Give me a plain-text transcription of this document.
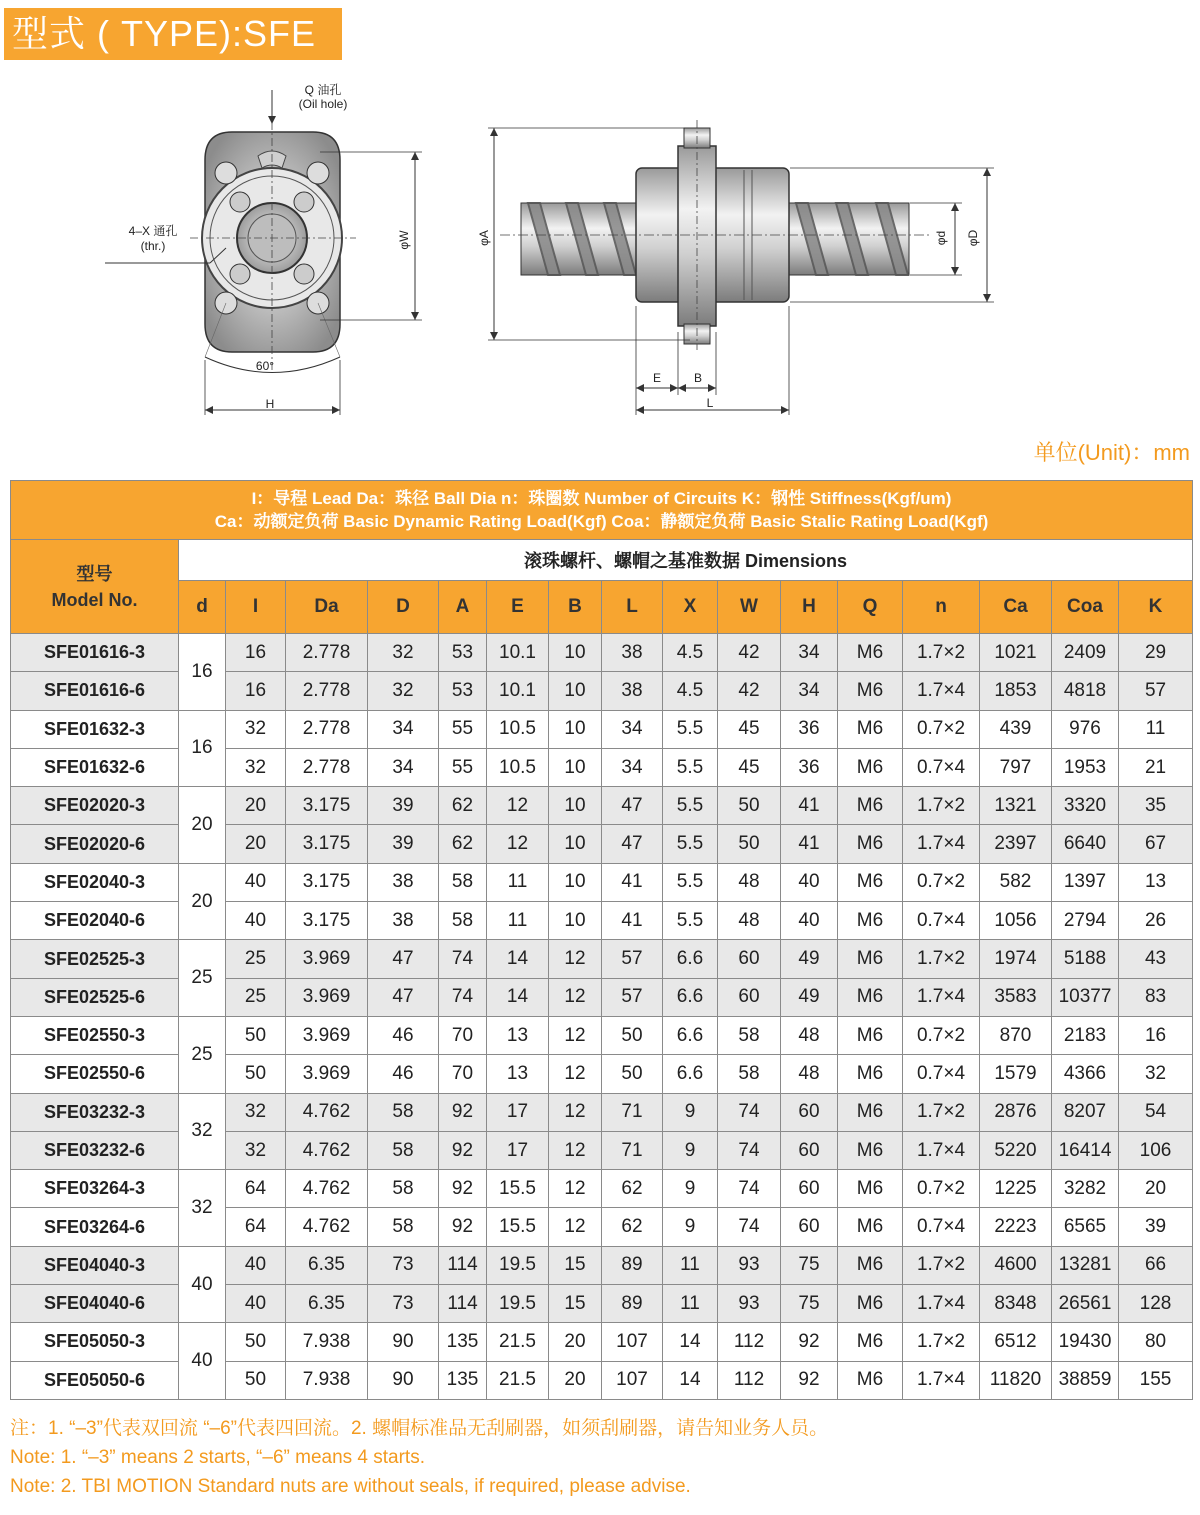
型式 ( TYPE):SFE
Q 油孔
(Oil hole)
4–X 通孔
(thr.)
60°
H
φW	φA	φd φD
E	B
L
单位(Unit)：mm
I：导程 Lead Da：珠径 Ball Dia n：珠圈数 Number of Circuits K：钢性 Stiffness(Kgf/um)
Ca：动额定负荷 Basic Dynamic Rating Load(Kgf) Coa：静额定负荷 Basic Stalic Rating Load(Kgf)																

型号
Model No.	滚珠螺杆、螺帽之基准数据 Dimensions															
	d	I	Da	D	A	E	B	L	X	W	H	Q	n	Ca	Coa	K
SFE01616-3	16	16	2.778	32	53	10.1	10	38	4.5	42	34	M6	1.7×2	1021	2409	29
SFE01616-6		16	2.778	32	53	10.1	10	38	4.5	42	34	M6	1.7×4	1853	4818	57
SFE01632-3	16	32	2.778	34	55	10.5	10	34	5.5	45	36	M6	0.7×2	439	976	11
SFE01632-6		32	2.778	34	55	10.5	10	34	5.5	45	36	M6	0.7×4	797	1953	21
SFE02020-3	20	20	3.175	39	62	12	10	47	5.5	50	41	M6	1.7×2	1321	3320	35
SFE02020-6		20	3.175	39	62	12	10	47	5.5	50	41	M6	1.7×4	2397	6640	67
SFE02040-3	20	40	3.175	38	58	11	10	41	5.5	48	40	M6	0.7×2	582	1397	13
SFE02040-6		40	3.175	38	58	11	10	41	5.5	48	40	M6	0.7×4	1056	2794	26
SFE02525-3	25	25	3.969	47	74	14	12	57	6.6	60	49	M6	1.7×2	1974	5188	43
SFE02525-6		25	3.969	47	74	14	12	57	6.6	60	49	M6	1.7×4	3583	10377	83
SFE02550-3	25	50	3.969	46	70	13	12	50	6.6	58	48	M6	0.7×2	870	2183	16
SFE02550-6		50	3.969	46	70	13	12	50	6.6	58	48	M6	0.7×4	1579	4366	32
SFE03232-3	32	32	4.762	58	92	17	12	71	9	74	60	M6	1.7×2	2876	8207	54
SFE03232-6		32	4.762	58	92	17	12	71	9	74	60	M6	1.7×4	5220	16414	106
SFE03264-3	32	64	4.762	58	92	15.5	12	62	9	74	60	M6	0.7×2	1225	3282	20
SFE03264-6		64	4.762	58	92	15.5	12	62	9	74	60	M6	0.7×4	2223	6565	39
SFE04040-3	40	40	6.35	73	114	19.5	15	89	11	93	75	M6	1.7×2	4600	13281	66
SFE04040-6		40	6.35	73	114	19.5	15	89	11	93	75	M6	1.7×4	8348	26561	128
SFE05050-3	40	50	7.938	90	135	21.5	20	107	14	112	92	M6	1.7×2	6512	19430	80
SFE05050-6		50	7.938	90	135	21.5	20	107	14	112	92	M6	1.7×4	11820	38859	155
注：1. “–3”代表双回流 “–6”代表四回流。2. 螺帽标准品无刮刷器，如须刮刷器，请告知业务人员。
Note: 1. “–3” means 2 starts, “–6” means 4 starts.
Note: 2. TBI MOTION Standard nuts are without seals, if required, please advise.
